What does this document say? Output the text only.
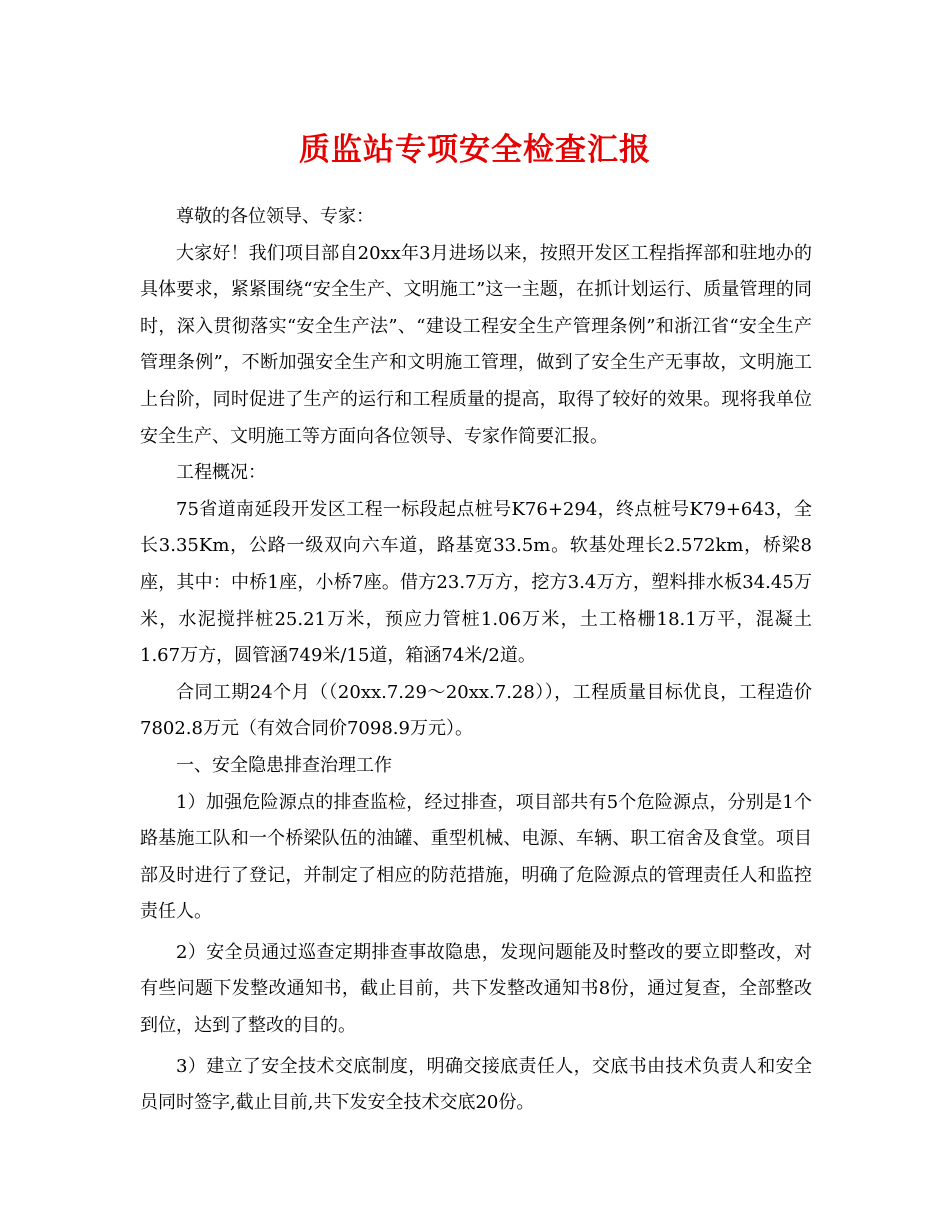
质监站专项安全检查汇报

尊敬的各位领导、专家：

大家好！我们项目部自20xx年3月进场以来，按照开发区工程指挥部和驻地办的具体要求，紧紧围绕“安全生产、文明施工”这一主题，在抓计划运行、质量管理的同时，深入贯彻落实“安全生产法”、“建设工程安全生产管理条例”和浙江省“安全生产管理条例”，不断加强安全生产和文明施工管理，做到了安全生产无事故，文明施工上台阶，同时促进了生产的运行和工程质量的提高，取得了较好的效果。现将我单位安全生产、文明施工等方面向各位领导、专家作简要汇报。

工程概况：

75省道南延段开发区工程一标段起点桩号K76+294，终点桩号K79+643，全长3.35Km，公路一级双向六车道，路基宽33.5m。软基处理长2.572km，桥梁8座，其中：中桥1座，小桥7座。借方23.7万方，挖方3.4万方，塑料排水板34.45万米，水泥搅拌桩25.21万米，预应力管桩1.06万米，土工格栅18.1万平，混凝土 1.67万方，圆管涵749米/15道，箱涵74米/2道。

合同工期24个月（（20xx.7.29～20xx.7.28）），工程质量目标优良，工程造价7802.8万元（有效合同价7098.9万元）。

一、安全隐患排查治理工作

1）加强危险源点的排查监检，经过排查，项目部共有5个危险源点，分别是1个路基施工队和一个桥梁队伍的油罐、重型机械、电源、车辆、职工宿舍及食堂。项目部及时进行了登记，并制定了相应的防范措施，明确了危险源点的管理责任人和监控责任人。

2）安全员通过巡查定期排查事故隐患，发现问题能及时整改的要立即整改，对有些问题下发整改通知书，截止目前，共下发整改通知书8份，通过复查，全部整改到位，达到了整改的目的。

3）建立了安全技术交底制度，明确交接底责任人，交底书由技术负责人和安全员同时签字,截止目前,共下发安全技术交底20份。
